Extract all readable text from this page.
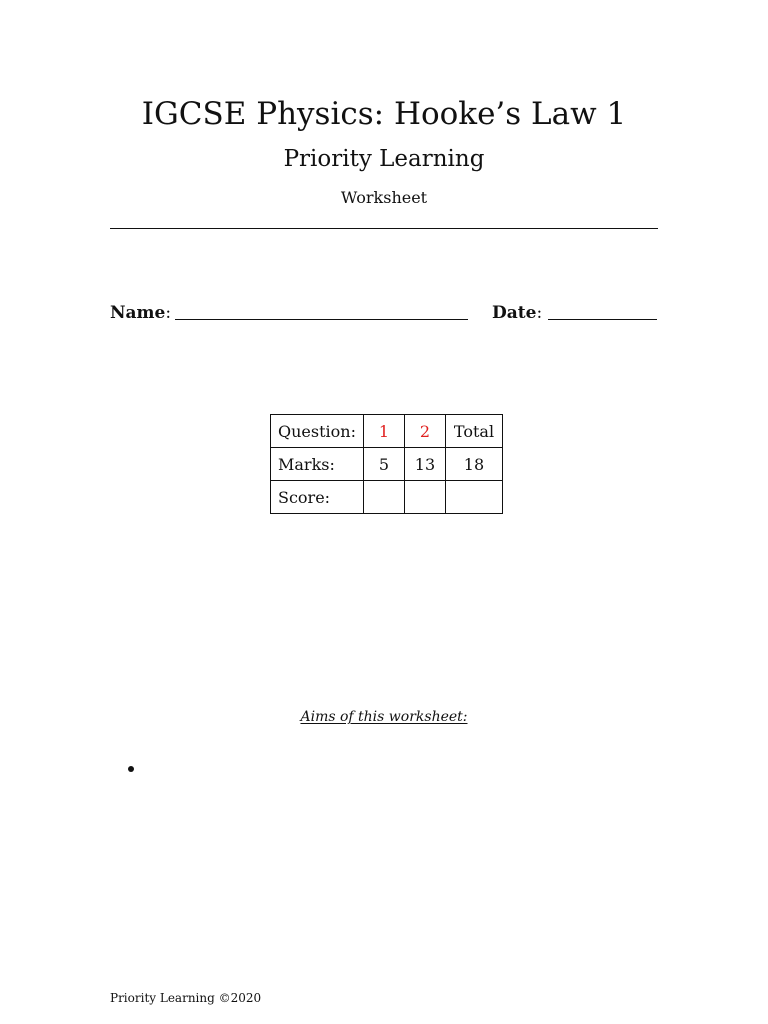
IGCSE Physics: Hooke’s Law 1
Priority Learning
Worksheet
Name:	Date:
Question:	1	2	Total
Marks:	5	13	18
Score:			
Aims of this worksheet:
Priority Learning ©2020
